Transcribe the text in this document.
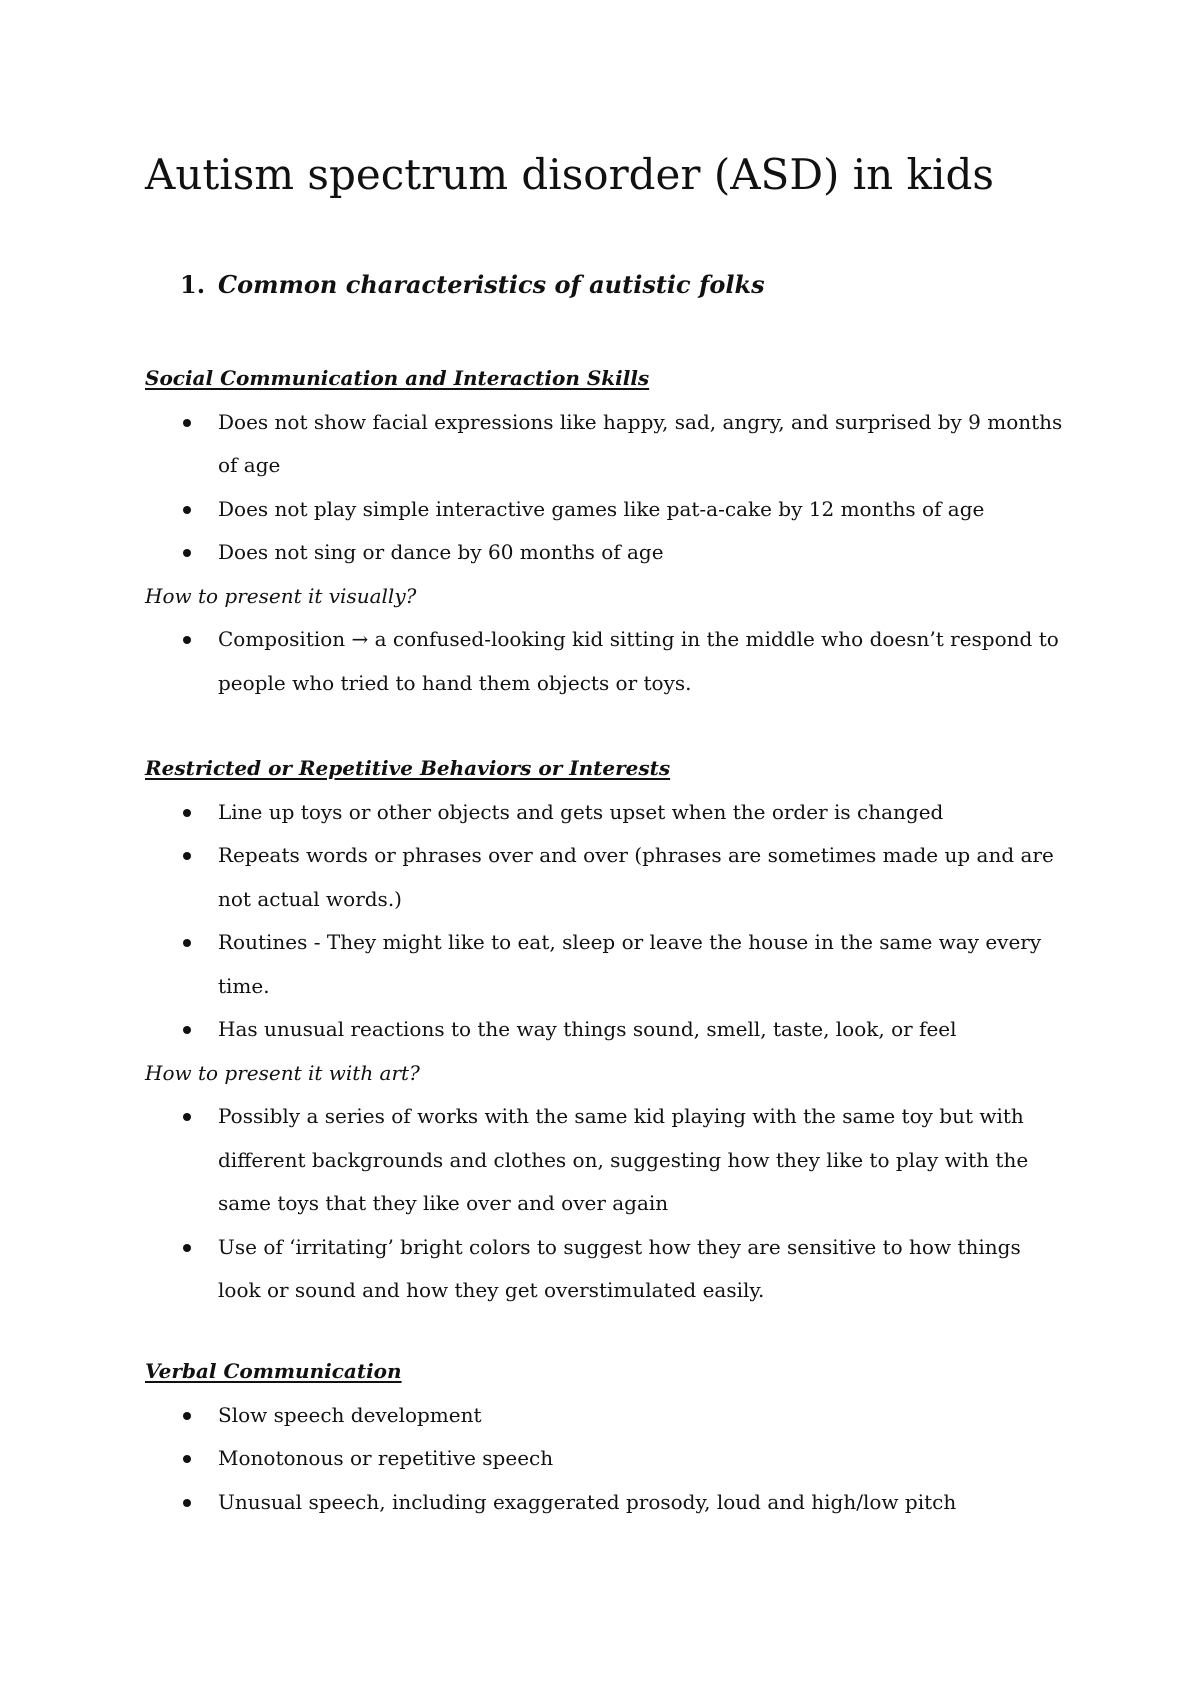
Autism spectrum disorder (ASD) in kids
1. Common characteristics of autistic folks

Social Communication and Interaction Skills

Does not show facial expressions like happy, sad, angry, and surprised by 9 months of age
Does not play simple interactive games like pat-a-cake by 12 months of age
Does not sing or dance by 60 months of age

How to present it visually?

Composition → a confused-looking kid sitting in the middle who doesn’t respond to people who tried to hand them objects or toys.

Restricted or Repetitive Behaviors or Interests

Line up toys or other objects and gets upset when the order is changed
Repeats words or phrases over and over (phrases are sometimes made up and are not actual words.)
Routines - They might like to eat, sleep or leave the house in the same way every time.
Has unusual reactions to the way things sound, smell, taste, look, or feel

How to present it with art?

Possibly a series of works with the same kid playing with the same toy but with different backgrounds and clothes on, suggesting how they like to play with the same toys that they like over and over again
Use of ‘irritating’ bright colors to suggest how they are sensitive to how things look or sound and how they get overstimulated easily.

Verbal Communication

Slow speech development
Monotonous or repetitive speech
Unusual speech, including exaggerated prosody, loud and high/low pitch
